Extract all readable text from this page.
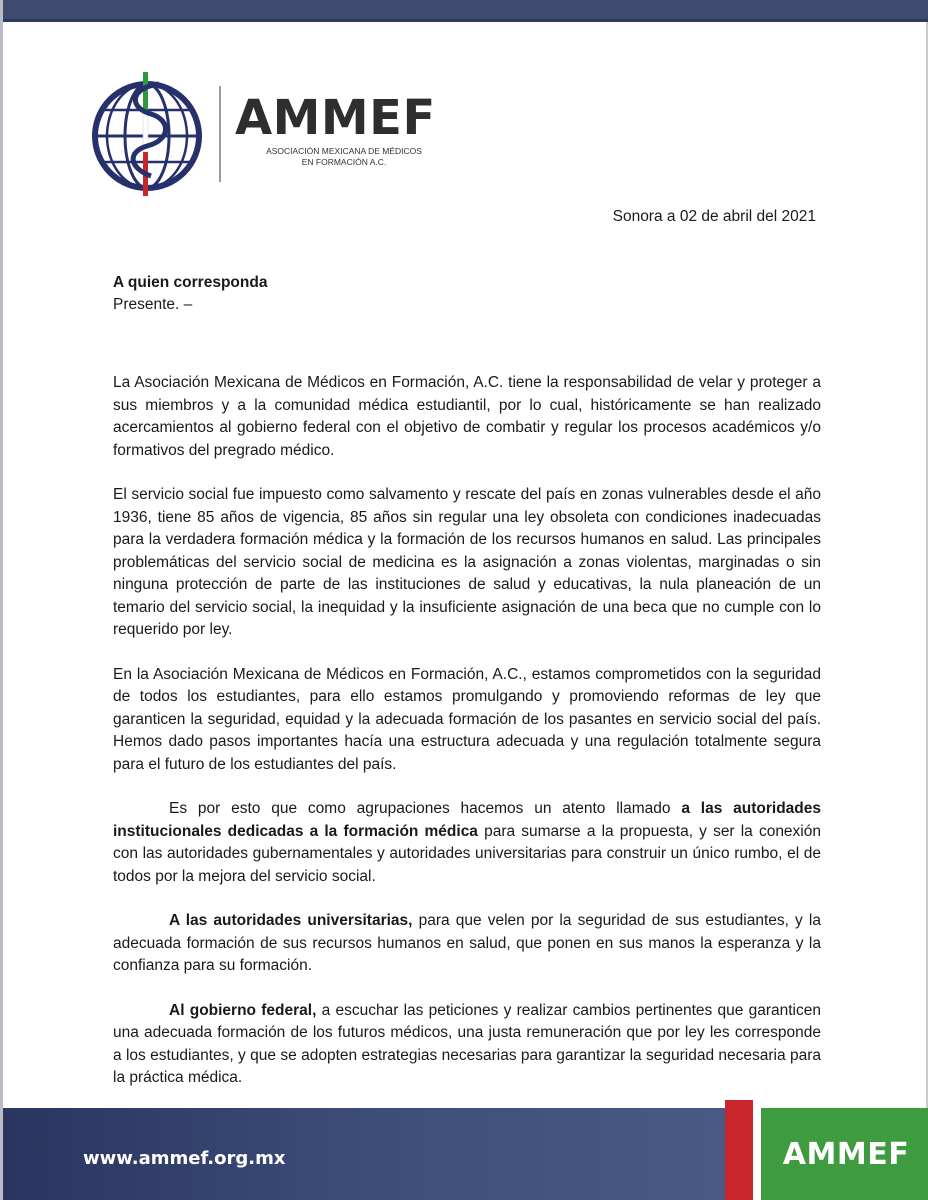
AMMEF
ASOCIACIÓN MEXICANA DE MÉDICOS
EN FORMACIÓN A.C.
Sonora a 02 de abril del 2021
A quien corresponda
Presente. –

La Asociación Mexicana de Médicos en Formación, A.C. tiene la responsabilidad de velar y proteger a sus miembros y a la comunidad médica estudiantil, por lo cual, históricamente se han realizado acercamientos al gobierno federal con el objetivo de combatir y regular los procesos académicos y/o formativos del pregrado médico.

El servicio social fue impuesto como salvamento y rescate del país en zonas vulnerables desde el año 1936, tiene 85 años de vigencia, 85 años sin regular una ley obsoleta con condiciones inadecuadas para la verdadera formación médica y la formación de los recursos humanos en salud. Las principales problemáticas del servicio social de medicina es la asignación a zonas violentas, marginadas o sin ninguna protección de parte de las instituciones de salud y educativas, la nula planeación de un temario del servicio social, la inequidad y la insuficiente asignación de una beca que no cumple con lo requerido por ley.

En la Asociación Mexicana de Médicos en Formación, A.C., estamos comprometidos con la seguridad de todos los estudiantes, para ello estamos promulgando y promoviendo reformas de ley que garanticen la seguridad, equidad y la adecuada formación de los pasantes en servicio social del país. Hemos dado pasos importantes hacía una estructura adecuada y una regulación totalmente segura para el futuro de los estudiantes del país.

Es por esto que como agrupaciones hacemos un atento llamado a las autoridades institucionales dedicadas a la formación médica para sumarse a la propuesta, y ser la conexión con las autoridades gubernamentales y autoridades universitarias para construir un único rumbo, el de todos por la mejora del servicio social.

A las autoridades universitarias, para que velen por la seguridad de sus estudiantes, y la adecuada formación de sus recursos humanos en salud, que ponen en sus manos la esperanza y la confianza para su formación.

Al gobierno federal, a escuchar las peticiones y realizar cambios pertinentes que garanticen una adecuada formación de los futuros médicos, una justa remuneración que por ley les corresponde a los estudiantes, y que se adopten estrategias necesarias para garantizar la seguridad necesaria para la práctica médica.

www.ammef.org.mx	AMMEF
